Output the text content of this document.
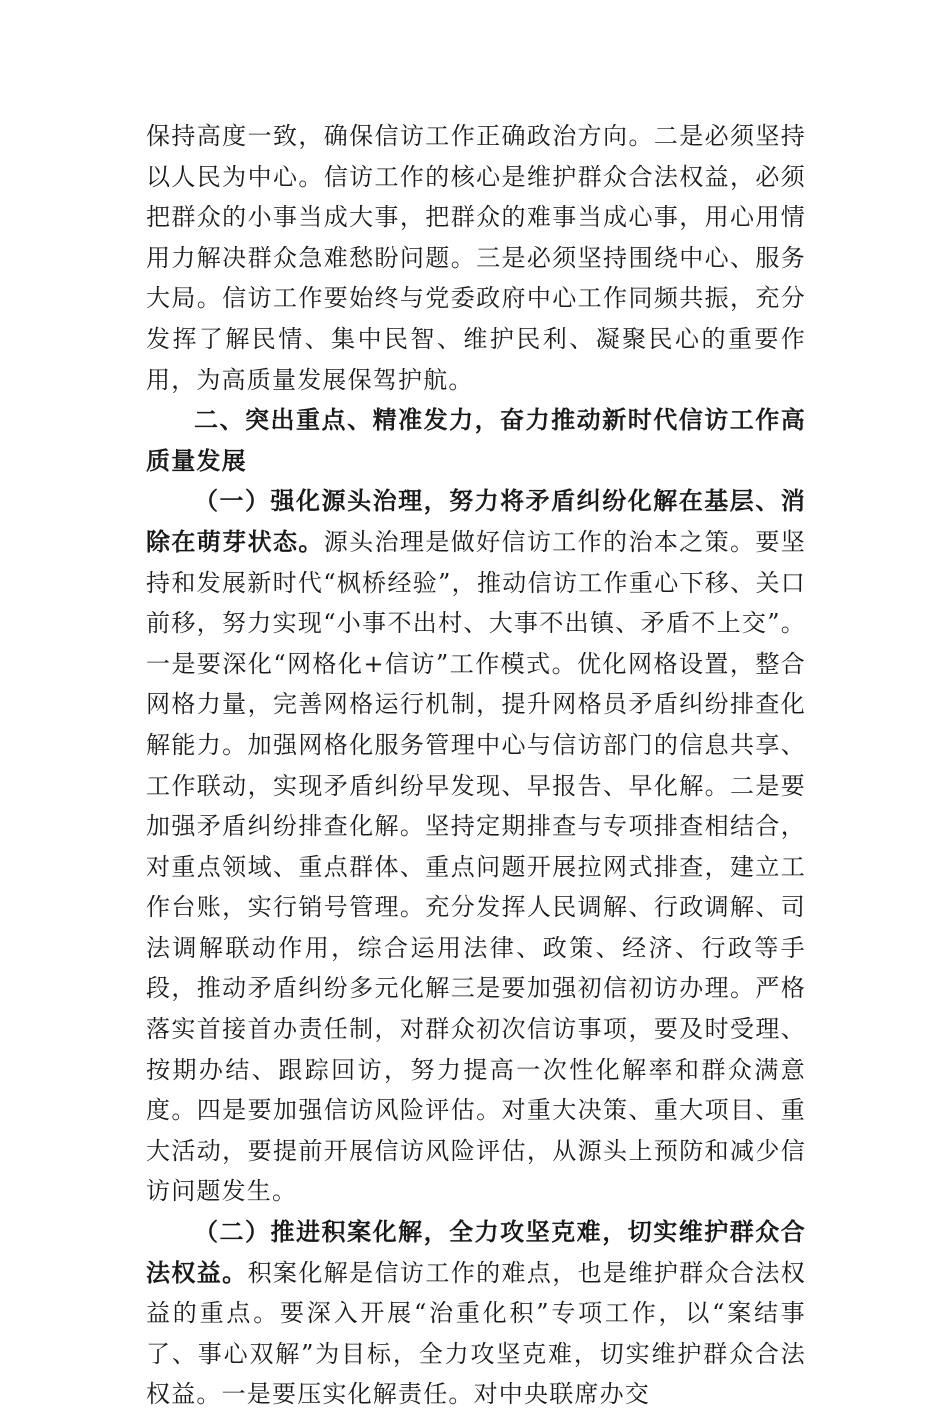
保持高度一致，确保信访工作正确政治方向。二是必须坚持以人民为中心。信访工作的核心是维护群众合法权益，必须把群众的小事当成大事，把群众的难事当成心事，用心用情用力解决群众急难愁盼问题。三是必须坚持围绕中心、服务大局。信访工作要始终与党委政府中心工作同频共振，充分发挥了解民情、集中民智、维护民利、凝聚民心的重要作用，为高质量发展保驾护航。

二、突出重点、精准发力，奋力推动新时代信访工作高质量发展

（一）强化源头治理，努力将矛盾纠纷化解在基层、消除在萌芽状态。源头治理是做好信访工作的治本之策。要坚持和发展新时代“枫桥经验”，推动信访工作重心下移、关口前移，努力实现“小事不出村、大事不出镇、矛盾不上交”。一是要深化“网格化+信访”工作模式。优化网格设置，整合网格力量，完善网格运行机制，提升网格员矛盾纠纷排查化解能力。加强网格化服务管理中心与信访部门的信息共享、工作联动，实现矛盾纠纷早发现、早报告、早化解。二是要加强矛盾纠纷排查化解。坚持定期排查与专项排查相结合，对重点领域、重点群体、重点问题开展拉网式排查，建立工作台账，实行销号管理。充分发挥人民调解、行政调解、司法调解联动作用，综合运用法律、政策、经济、行政等手段，推动矛盾纠纷多元化解三是要加强初信初访办理。严格落实首接首办责任制，对群众初次信访事项，要及时受理、按期办结、跟踪回访，努力提高一次性化解率和群众满意度。四是要加强信访风险评估。对重大决策、重大项目、重大活动，要提前开展信访风险评估，从源头上预防和减少信访问题发生。

（二）推进积案化解，全力攻坚克难，切实维护群众合法权益。积案化解是信访工作的难点，也是维护群众合法权益的重点。要深入开展“治重化积”专项工作，以“案结事了、事心双解”为目标，全力攻坚克难，切实维护群众合法权益。一是要压实化解责任。对中央联席办交
